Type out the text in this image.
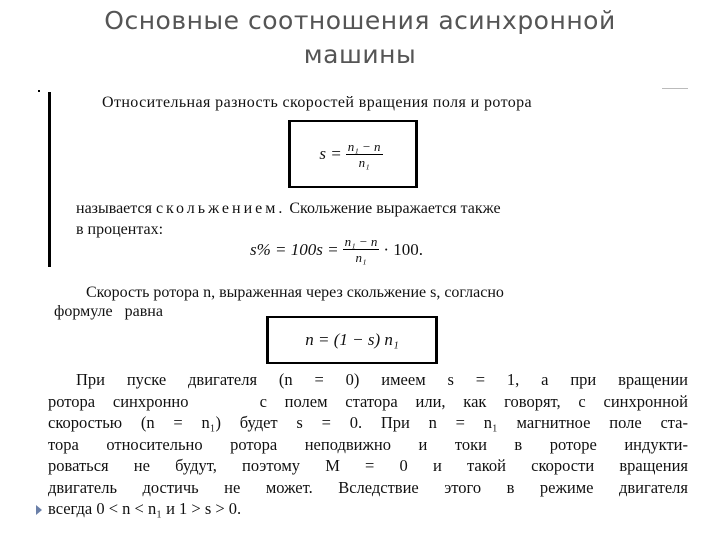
Основные соотношения асинхронной
машины
Относительная разность скоростей вращения поля и ротора
$s = \frac{\text{n₁ − n}}{\text{n₁}}$
называется скольжением. Скольжение выражается также
в процентах:
$s\% = 100s = \frac{\text{n₁ − n}}{\text{n₁}} \cdot 100$.
Скорость ротора n, выраженная через скольжение s, согласно
формуле   равна
n = (1 − s) n₁
При пуске двигателя (n = 0) имеем s = 1, а при вращении
ротора синхронно    с полем статора или, как говорят, с синхронной
скоростью (n = n₁) будет s = 0. При n = n₁ магнитное поле ста-
тора относительно ротора неподвижно и токи в роторе индукти-
роваться не будут, поэтому M = 0 и такой скорости вращения
двигатель достичь не может. Вследствие этого в режиме двигателя
всегда 0 < n < n₁ и 1 > s > 0.
